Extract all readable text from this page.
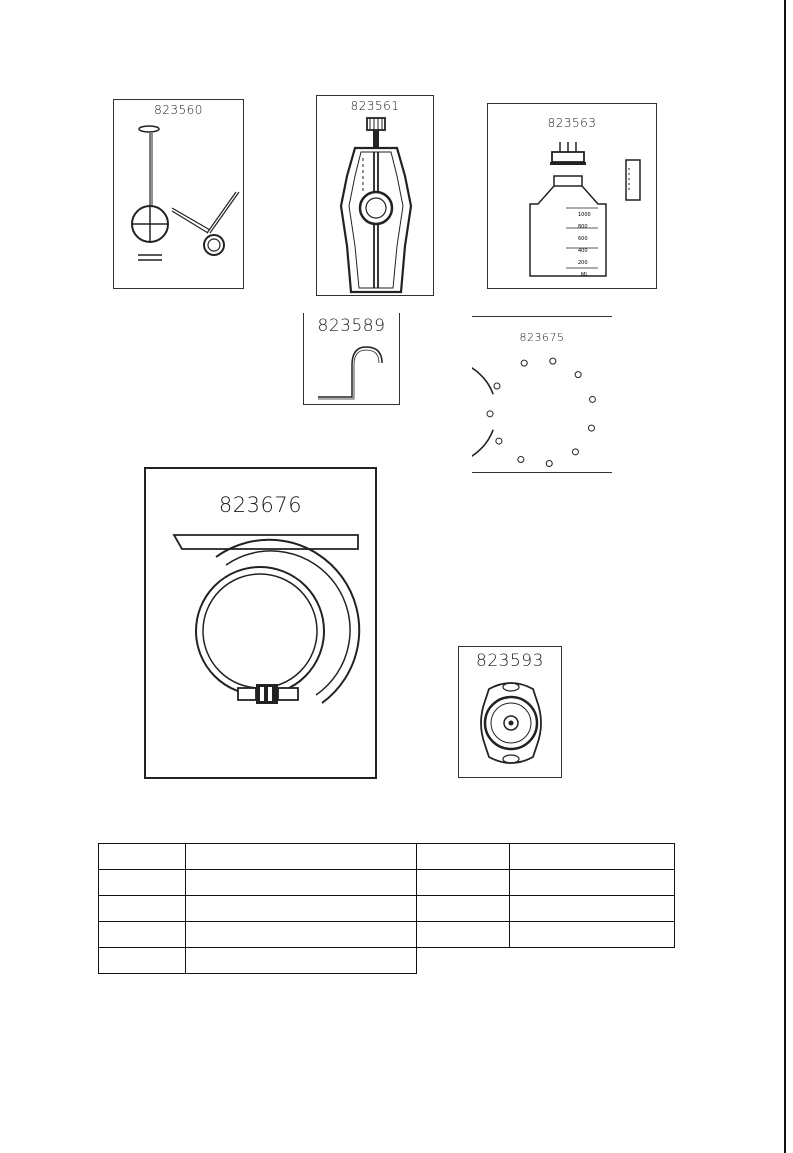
823560	823561
823563
1000
800
600
400
200
ML
823589
823675
823676
823593
